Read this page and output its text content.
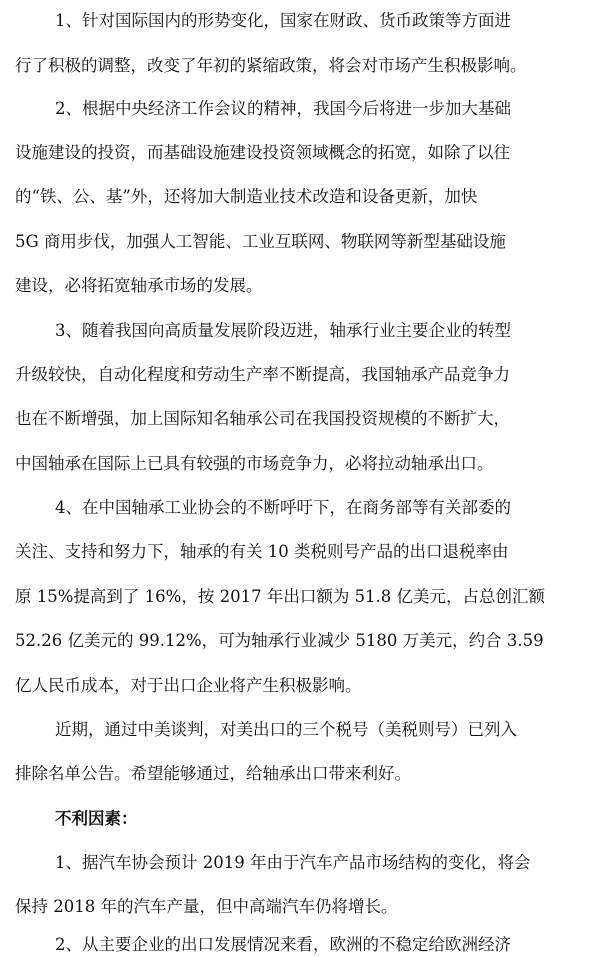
1、针对国际国内的形势变化，国家在财政、货币政策等方面进
行了积极的调整，改变了年初的紧缩政策，将会对市场产生积极影响。
2、根据中央经济工作会议的精神，我国今后将进一步加大基础
设施建设的投资，而基础设施建设投资领域概念的拓宽，如除了以往
的“铁、公、基”外，还将加大制造业技术改造和设备更新，加快
5G 商用步伐，加强人工智能、工业互联网、物联网等新型基础设施
建设，必将拓宽轴承市场的发展。
3、随着我国向高质量发展阶段迈进，轴承行业主要企业的转型
升级较快，自动化程度和劳动生产率不断提高，我国轴承产品竞争力
也在不断增强，加上国际知名轴承公司在我国投资规模的不断扩大，
中国轴承在国际上已具有较强的市场竞争力，必将拉动轴承出口。
4、在中国轴承工业协会的不断呼吁下，在商务部等有关部委的
关注、支持和努力下，轴承的有关 10 类税则号产品的出口退税率由
原 15%提高到了 16%，按 2017 年出口额为 51.8 亿美元，占总创汇额
52.26 亿美元的 99.12%，可为轴承行业减少 5180 万美元，约合 3.59
亿人民币成本，对于出口企业将产生积极影响。
近期，通过中美谈判，对美出口的三个税号（美税则号）已列入
排除名单公告。希望能够通过，给轴承出口带来利好。
不利因素：
1、据汽车协会预计 2019 年由于汽车产品市场结构的变化，将会
保持 2018 年的汽车产量，但中高端汽车仍将增长。
2、从主要企业的出口发展情况来看，欧洲的不稳定给欧洲经济
